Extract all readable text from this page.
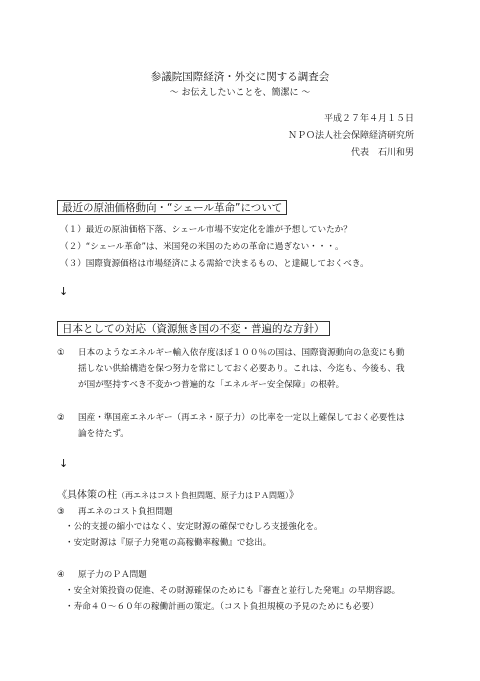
参議院国際経済・外交に関する調査会
～ お伝えしたいことを、簡潔に ～
平成２７年４月１５日
ＮＰＯ法人社会保障経済研究所
代表　石川和男
最近の原油価格動向・“シェール革命”について
（１）最近の原油価格下落、シェール市場不安定化を誰が予想していたか？
（２）“シェール革命”は、米国発の米国のための革命に過ぎない・・・。
（３）国際資源価格は市場経済による需給で決まるもの、と達観しておくべき。
↓
日本としての対応（資源無き国の不変・普遍的な方針）
① 日本のようなエネルギー輸入依存度ほぼ１００％の国は、国際資源動向の急変にも動
揺しない供給構造を保つ努力を常にしておく必要あり。これは、今迄も、今後も、我
が国が堅持すべき不変かつ普遍的な「エネルギー安全保障」の根幹。
② 国産・準国産エネルギー（再エネ・原子力）の比率を一定以上確保しておく必要性は
論を待たず。
↓
《具体策の柱（再エネはコスト負担問題、原子力はＰＡ問題）》
③ 再エネのコスト負担問題
・公的支援の縮小ではなく、安定財源の確保でむしろ支援強化を。
・安定財源は『原子力発電の高稼働率稼働』で捻出。
④ 原子力のＰＡ問題
・安全対策投資の促進、その財源確保のためにも『審査と並行した発電』の早期容認。
・寿命４０～６０年の稼働計画の策定。（コスト負担規模の予見のためにも必要）
